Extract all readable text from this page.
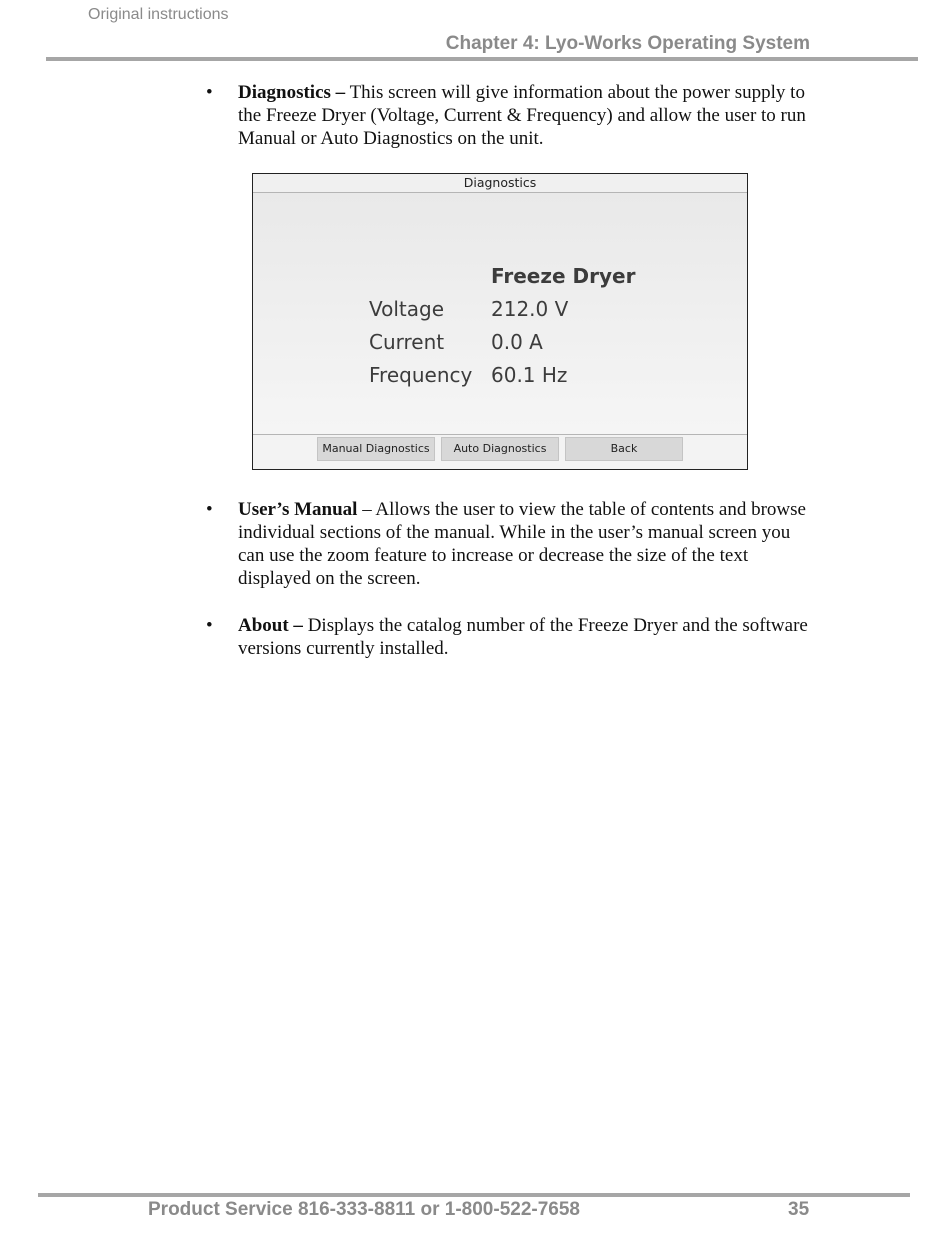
Original instructions
Chapter 4: Lyo-Works Operating System
•	Diagnostics – This screen will give information about the power supply to the Freeze Dryer (Voltage, Current & Frequency) and allow the user to run Manual or Auto Diagnostics on the unit.
Diagnostics
Freeze Dryer
Voltage	212.0 V
Current	0.0 A
Frequency 60.1 Hz
Manual Diagnostics	Auto Diagnostics	Back
•	User’s Manual – Allows the user to view the table of contents and browse individual sections of the manual. While in the user’s manual screen you can use the zoom feature to increase or decrease the size of the text displayed on the screen.
•	About – Displays the catalog number of the Freeze Dryer and the software versions currently installed.
Product Service 816-333-8811 or 1-800-522-7658	35
